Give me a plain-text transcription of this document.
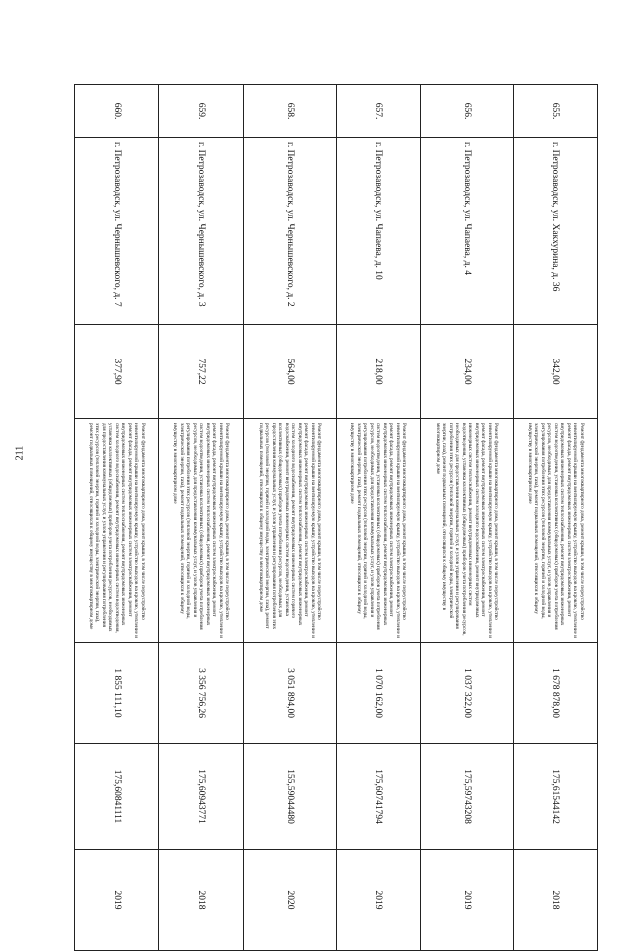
211
655.	г. Петрозаводск, ул. Хакхурина, д. 36	342,00	Ремонт фундамента многоквартирного дома, ремонт крыши, в том числе переустройство невентилируемой крыши на вентилируемую крышу, устройство выходов на кровлю, утепление и ремонт фасада, ремонт внутридомовых инженерных систем электроснабжения, ремонт внутридомовых инженерных систем теплоснабжения, ремонт внутридомовых инженерных систем водоотведения, установка коллективных (общедомовых) приборов учета потребления ресурсов, необходимых для предоставления коммунальных услуг, и узлов управления и регулирования потребления этих ресурсов (тепловой энергии, горячей и холодной воды, электрической энергии, газа), ремонт подвальных помещений, относящихся к общему имуществу в многоквартирном доме	1 678 878,00	175,61544142	2018
656.	г. Петрозаводск, ул. Чапаева, д. 4	234,00	Ремонт фундамента многоквартирного дома, ремонт крыши, в том числе переустройство невентилируемой крыши на вентилируемую крышу, устройство выходов на кровлю, утепление и ремонт фасада, ремонт внутридомовых инженерных систем электроснабжения, ремонт внутридомовых инженерных систем холодного водоснабжения, ремонт внутридомовых инженерных систем теплоснабжения, ремонт внутридомовых инженерных систем водоотведения, установка коллективных (общедомовых) приборов учета потребления ресурсов, необходимых для предоставления коммунальных услуг, и узлов управления и регулирования потребления этих ресурсов (тепловой энергии, горячей и холодной воды, электрической энергии, газа), ремонт подвальных помещений, относящихся к общему имуществу в многоквартирном доме	1 037 322,00	175,59743208	2019
657.	г. Петрозаводск, ул. Чапаева, д. 10	218,00	Ремонт фундамента многоквартирного дома, ремонт крыши, в том числе переустройство невентилируемой крыши на вентилируемую крышу, устройство выходов на кровлю, утепление и ремонт фасада, ремонт внутридомовых инженерных систем электроснабжения, ремонт внутридомовых инженерных систем теплоснабжения, ремонт внутридомовых инженерных систем водоотведения, установка коллективных (общедомовых) приборов учета потребления ресурсов, необходимых для предоставления коммунальных услуг, и узлов управления и регулирования потребления этих ресурсов (тепловой энергии, горячей и холодной воды, электрической энергии, газа), ремонт подвальных помещений, относящихся к общему имуществу в многоквартирном доме	1 070 162,00	175,60741794	2019
658.	г. Петрозаводск, ул. Чернышевского, д. 2	564,00	Ремонт фундамента многоквартирного дома, ремонт крыши, в том числе переустройство невентилируемой крыши на вентилируемую крышу, устройство выходов на кровлю, утепление и ремонт фасада, ремонт внутридомовых инженерных систем электроснабжения, ремонт внутридомовых инженерных систем теплоснабжения, ремонт внутридомовых инженерных систем холодного водоснабжения, ремонт внутридомовых инженерных систем горячего водоснабжения, ремонт внутридомовых инженерных систем водоотведения, установка коллективных (общедомовых) приборов учета потребления ресурсов, необходимых для предоставления коммунальных услуг, и узлов управления и регулирования потребления этих ресурсов (тепловой энергии, горячей и холодной воды, электрической энергии, газа), ремонт подвальных помещений, относящихся к общему имуществу в многоквартирном доме	3 051 894,00	155,59044480	2020
659.	г. Петрозаводск, ул. Чернышевского, д. 3	757,22	Ремонт фундамента многоквартирного дома, ремонт крыши, в том числе переустройство невентилируемой крыши на вентилируемую крышу, устройство выходов на кровлю, утепление и ремонт фасада, ремонт внутридомовых инженерных систем электроснабжения, ремонт внутридомовых инженерных систем теплоснабжения, ремонт внутридомовых инженерных систем водоотведения, установка коллективных (общедомовых) приборов учета потребления ресурсов, необходимых для предоставления коммунальных услуг, и узлов управления и регулирования потребления этих ресурсов (тепловой энергии, горячей и холодной воды, электрической энергии, газа), ремонт подвальных помещений, относящихся к общему имуществу в многоквартирном доме	3 356 756,26	175,60943771	2018
660.	г. Петрозаводск, ул. Чернышевского, д. 7	377,90	Ремонт фундамента многоквартирного дома, ремонт крыши, в том числе переустройство невентилируемой крыши на вентилируемую крышу, устройство выходов на кровлю, утепление и ремонт фасада, ремонт внутридомовых инженерных систем электроснабжения, ремонт внутридомовых инженерных систем теплоснабжения, ремонт внутридомовых инженерных систем холодного водоснабжения, ремонт внутридомовых инженерных систем водоотведения, установка коллективных (общедомовых) приборов учета потребления ресурсов, необходимых для предоставления коммунальных услуг, и узлов управления и регулирования потребления этих ресурсов (тепловой энергии, горячей и холодной воды, электрической энергии, газа), ремонт подвальных помещений, относящихся к общему имуществу в многоквартирном доме	1 855 111,10	175,60841111	2019
